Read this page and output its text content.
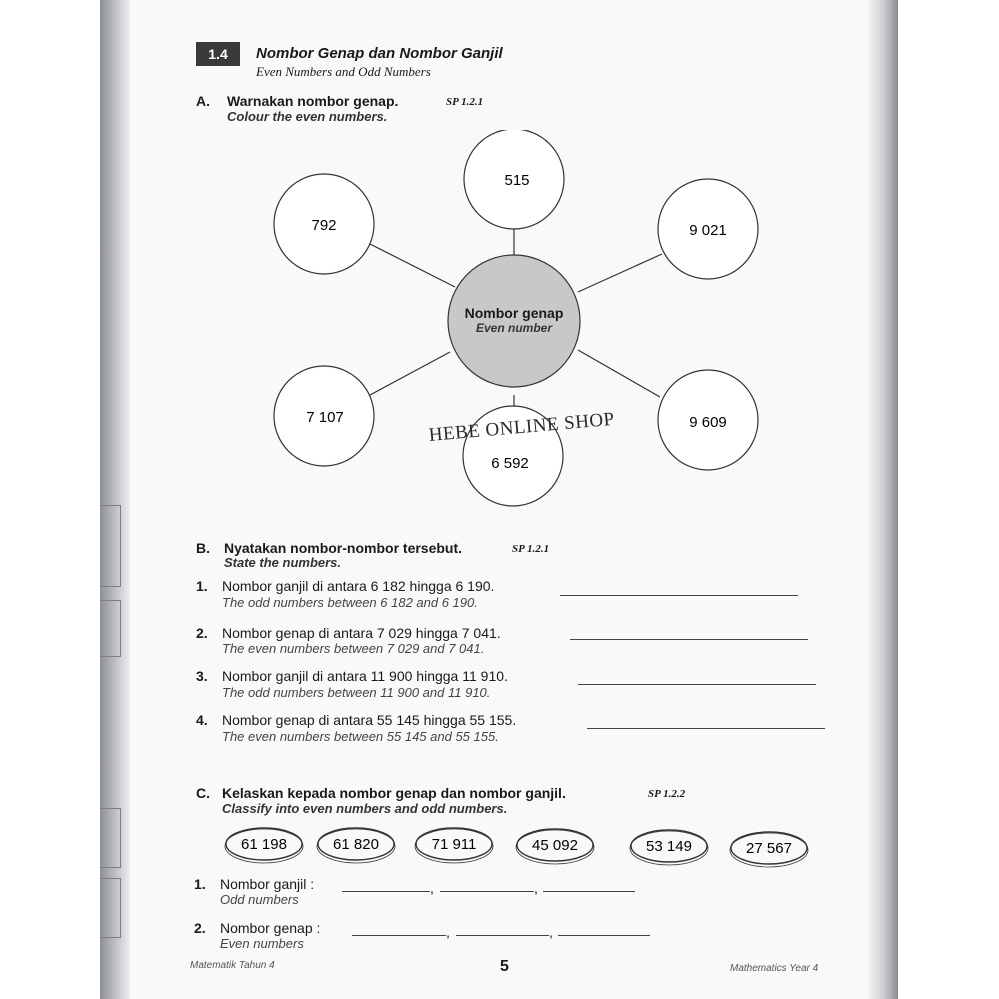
1.4	Nombor Genap dan Nombor Ganjil
Even Numbers and Odd Numbers
A. Warnakan nombor genap.	SP 1.2.1
Colour the even numbers.
Nombor genap
Even number
515
792	9 021
7 107	9 609
6 592
HEBE ONLINE SHOP
B. Nyatakan nombor-nombor tersebut.	SP 1.2.1
State the numbers.
1. Nombor ganjil di antara 6 182 hingga 6 190.
The odd numbers between 6 182 and 6 190.
2. Nombor genap di antara 7 029 hingga 7 041.
The even numbers between 7 029 and 7 041.
3. Nombor ganjil di antara 11 900 hingga 11 910.
The odd numbers between 11 900 and 11 910.
4. Nombor genap di antara 55 145 hingga 55 155.
The even numbers between 55 145 and 55 155.
C. Kelaskan kepada nombor genap dan nombor ganjil.	SP 1.2.2
Classify into even numbers and odd numbers.
61 198	61 820	71 911	45 092	53 149	27 567
1. Nombor ganjil :
Odd numbers
,	,
2. Nombor genap :
Even numbers
,	,
Matematik Tahun 4	5	Mathematics Year 4
